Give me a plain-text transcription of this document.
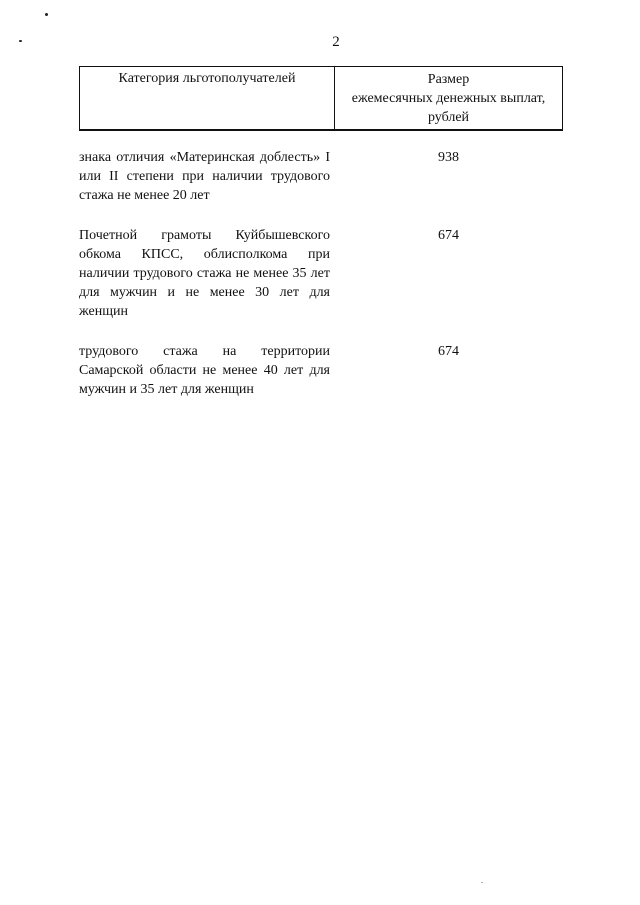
2
Категория льготополучателей	Размер
ежемесячных денежных выплат,
рублей
знака отличия «Материнская доблесть» I или II степени при наличии трудового стажа не менее 20 лет
938
Почетной грамоты Куйбышевского обкома КПСС, облисполкома при наличии трудового стажа не менее 35 лет для мужчин и не менее 30 лет для женщин
674
трудового стажа на территории Самарской области не менее 40 лет для мужчин и 35 лет для женщин
674
